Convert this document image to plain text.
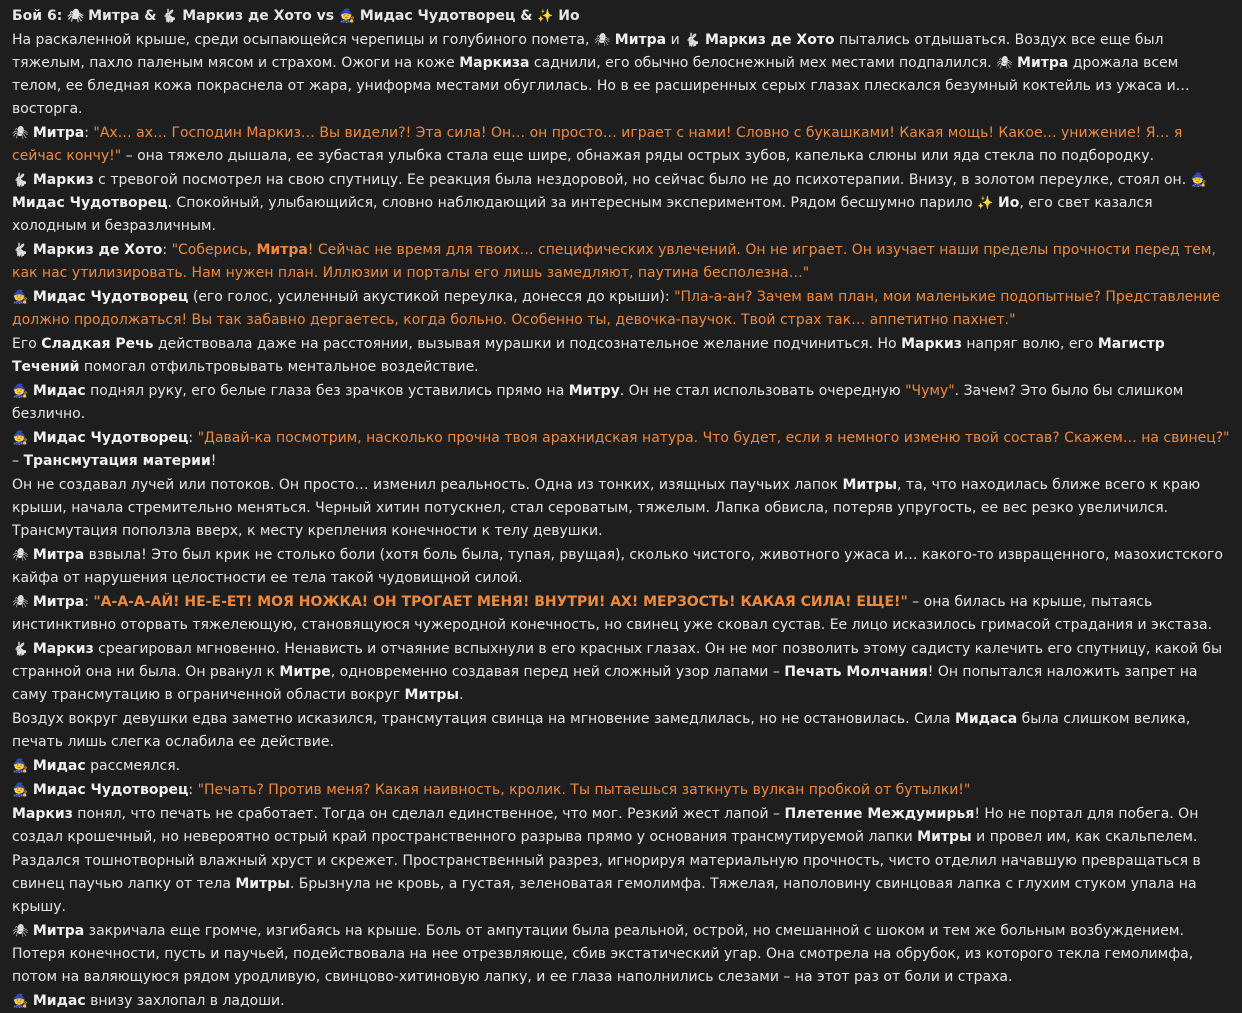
Бой 6: 🕷 Митра & 🐇 Маркиз де Хото vs 🧙 Мидас Чудотворец & ✨ Ио
На раскаленной крыше, среди осыпающейся черепицы и голубиного помета, 🕷 Митра и 🐇 Маркиз де Хото пытались отдышаться. Воздух все еще был тяжелым, пахло паленым мясом и страхом. Ожоги на коже Маркиза саднили, его обычно белоснежный мех местами подпалился. 🕷 Митра дрожала всем телом, ее бледная кожа покраснела от жара, униформа местами обуглилась. Но в ее расширенных серых глазах плескался безумный коктейль из ужаса и… восторга.
🕷 Митра: "Ах… ах… Господин Маркиз… Вы видели?! Эта сила! Он… он просто… играет с нами! Словно с букашками! Какая мощь! Какое… унижение! Я… я сейчас кончу!" – она тяжело дышала, ее зубастая улыбка стала еще шире, обнажая ряды острых зубов, капелька слюны или яда стекла по подбородку.
🐇 Маркиз с тревогой посмотрел на свою спутницу. Ее реакция была нездоровой, но сейчас было не до психотерапии. Внизу, в золотом переулке, стоял он. 🧙 Мидас Чудотворец. Спокойный, улыбающийся, словно наблюдающий за интересным экспериментом. Рядом бесшумно парило ✨ Ио, его свет казался холодным и безразличным.
🐇 Маркиз де Хото: "Соберись, Митра! Сейчас не время для твоих… специфических увлечений. Он не играет. Он изучает наши пределы прочности перед тем, как нас утилизировать. Нам нужен план. Иллюзии и порталы его лишь замедляют, паутина бесполезна…"
🧙 Мидас Чудотворец (его голос, усиленный акустикой переулка, донесся до крыши): "Пла-а-ан? Зачем вам план, мои маленькие подопытные? Представление должно продолжаться! Вы так забавно дергаетесь, когда больно. Особенно ты, девочка-паучок. Твой страх так… аппетитно пахнет."
Его Сладкая Речь действовала даже на расстоянии, вызывая мурашки и подсознательное желание подчиниться. Но Маркиз напряг волю, его Магистр Течений помогал отфильтровывать ментальное воздействие.
🧙 Мидас поднял руку, его белые глаза без зрачков уставились прямо на Митру. Он не стал использовать очередную "Чуму". Зачем? Это было бы слишком безлично.
🧙 Мидас Чудотворец: "Давай-ка посмотрим, насколько прочна твоя арахнидская натура. Что будет, если я немного изменю твой состав? Скажем… на свинец?" – Трансмутация материи!
Он не создавал лучей или потоков. Он просто… изменил реальность. Одна из тонких, изящных паучьих лапок Митры, та, что находилась ближе всего к краю крыши, начала стремительно меняться. Черный хитин потускнел, стал сероватым, тяжелым. Лапка обвисла, потеряв упругость, ее вес резко увеличился. Трансмутация поползла вверх, к месту крепления конечности к телу девушки.
🕷 Митра взвыла! Это был крик не столько боли (хотя боль была, тупая, рвущая), сколько чистого, животного ужаса и… какого-то извращенного, мазохистского кайфа от нарушения целостности ее тела такой чудовищной силой.
🕷 Митра: "А-А-А-АЙ! НЕ-Е-ЕТ! МОЯ НОЖКА! ОН ТРОГАЕТ МЕНЯ! ВНУТРИ! АХ! МЕРЗОСТЬ! КАКАЯ СИЛА! ЕЩЕ!" – она билась на крыше, пытаясь инстинктивно оторвать тяжелеющую, становящуюся чужеродной конечность, но свинец уже сковал сустав. Ее лицо исказилось гримасой страдания и экстаза.
🐇 Маркиз среагировал мгновенно. Ненависть и отчаяние вспыхнули в его красных глазах. Он не мог позволить этому садисту калечить его спутницу, какой бы странной она ни была. Он рванул к Митре, одновременно создавая перед ней сложный узор лапами – Печать Молчания! Он попытался наложить запрет на саму трансмутацию в ограниченной области вокруг Митры.
Воздух вокруг девушки едва заметно исказился, трансмутация свинца на мгновение замедлилась, но не остановилась. Сила Мидаса была слишком велика, печать лишь слегка ослабила ее действие.
🧙 Мидас рассмеялся.
🧙 Мидас Чудотворец: "Печать? Против меня? Какая наивность, кролик. Ты пытаешься заткнуть вулкан пробкой от бутылки!"
Маркиз понял, что печать не сработает. Тогда он сделал единственное, что мог. Резкий жест лапой – Плетение Междумирья! Но не портал для побега. Он создал крошечный, но невероятно острый край пространственного разрыва прямо у основания трансмутируемой лапки Митры и провел им, как скальпелем.
Раздался тошнотворный влажный хруст и скрежет. Пространственный разрез, игнорируя материальную прочность, чисто отделил начавшую превращаться в свинец паучью лапку от тела Митры. Брызнула не кровь, а густая, зеленоватая гемолимфа. Тяжелая, наполовину свинцовая лапка с глухим стуком упала на крышу.
🕷 Митра закричала еще громче, изгибаясь на крыше. Боль от ампутации была реальной, острой, но смешанной с шоком и тем же больным возбуждением. Потеря конечности, пусть и паучьей, подействовала на нее отрезвляюще, сбив экстатический угар. Она смотрела на обрубок, из которого текла гемолимфа, потом на валяющуюся рядом уродливую, свинцово-хитиновую лапку, и ее глаза наполнились слезами – на этот раз от боли и страха.
🧙 Мидас внизу захлопал в ладоши.
